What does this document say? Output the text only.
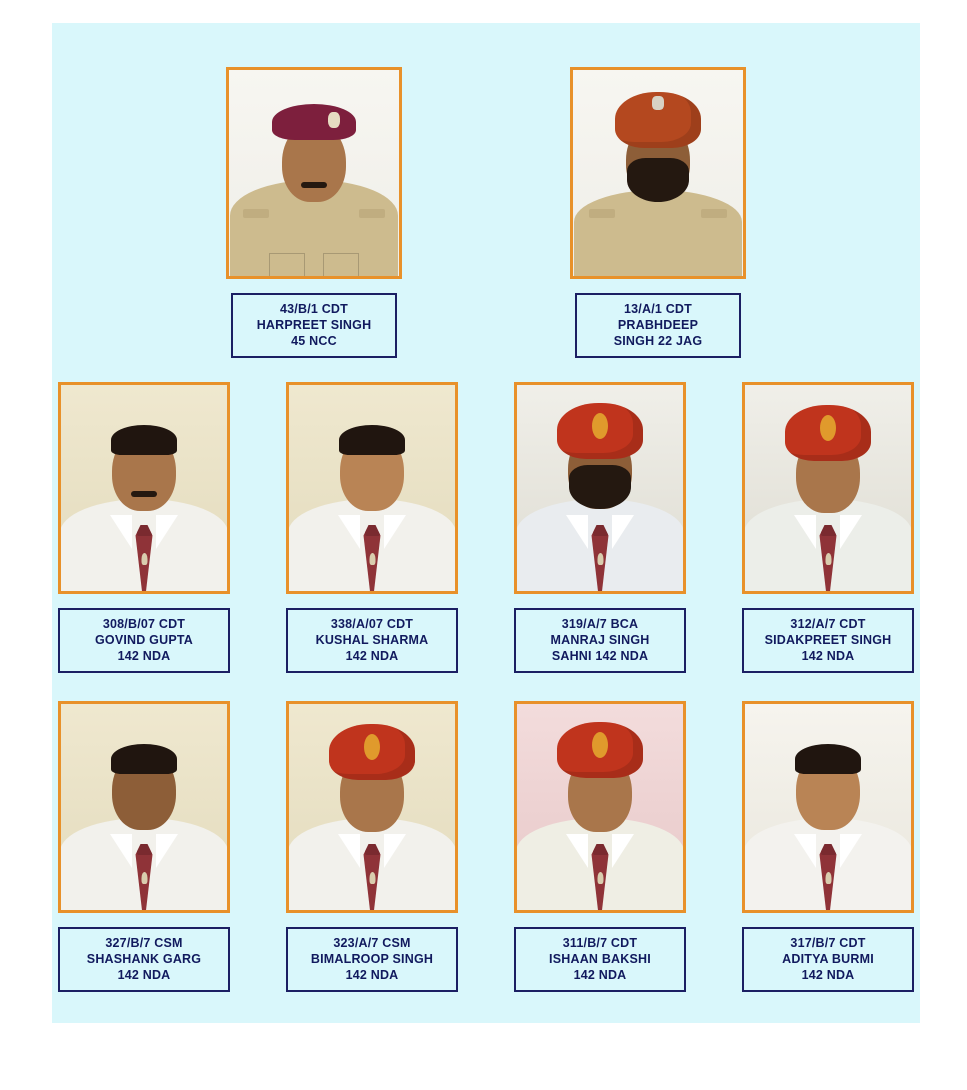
43/B/1 CDT
HARPREET SINGH
45 NCC
13/A/1 CDT
PRABHDEEP
SINGH 22 JAG
308/B/07 CDT
GOVIND GUPTA
142 NDA
338/A/07 CDT
KUSHAL SHARMA
142 NDA
319/A/7 BCA
MANRAJ SINGH
SAHNI 142 NDA
312/A/7 CDT
SIDAKPREET SINGH
142 NDA
327/B/7 CSM
SHASHANK GARG
142 NDA
323/A/7 CSM
BIMALROOP SINGH
142 NDA
311/B/7 CDT
ISHAAN BAKSHI
142 NDA
317/B/7 CDT
ADITYA BURMI
142 NDA
